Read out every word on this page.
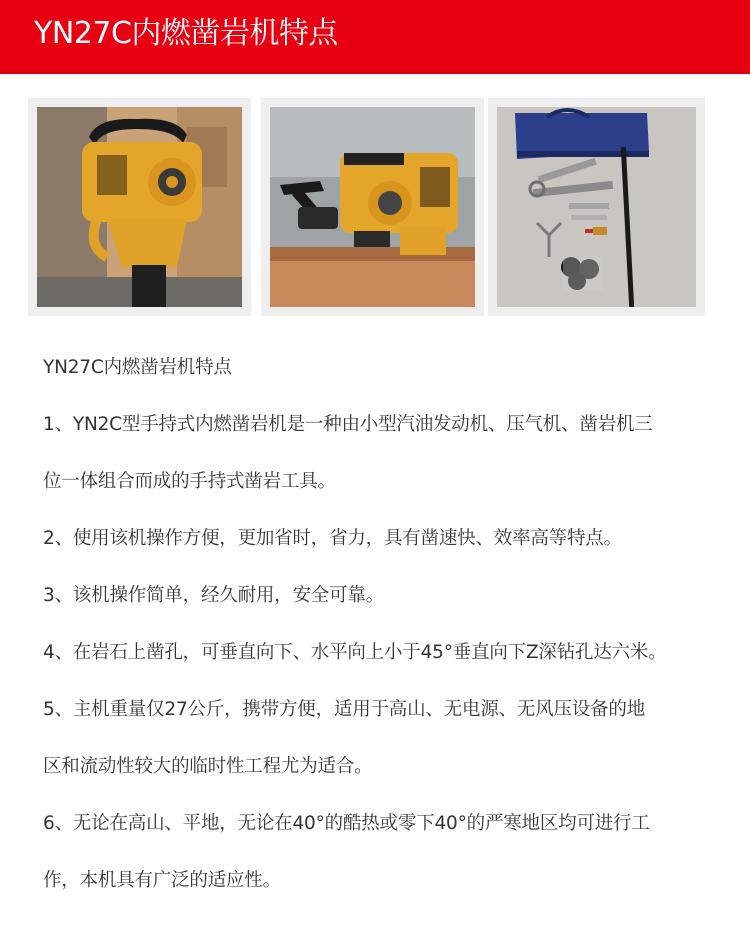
YN27C内燃凿岩机特点

YN27C内燃凿岩机特点

1、YN2C型手持式内燃凿岩机是一种由小型汽油发动机、压气机、凿岩机三

位一体组合而成的手持式凿岩工具。

2、使用该机操作方便，更加省时，省力，具有凿速快、效率高等特点。

3、该机操作简单，经久耐用，安全可靠。

4、在岩石上凿孔，可垂直向下、水平向上小于45°垂直向下Z深钻孔达六米。

5、主机重量仅27公斤，携带方便，适用于高山、无电源、无风压设备的地

区和流动性较大的临时性工程尤为适合。

6、无论在高山、平地，无论在40°的酷热或零下40°的严寒地区均可进行工

作，本机具有广泛的适应性。
